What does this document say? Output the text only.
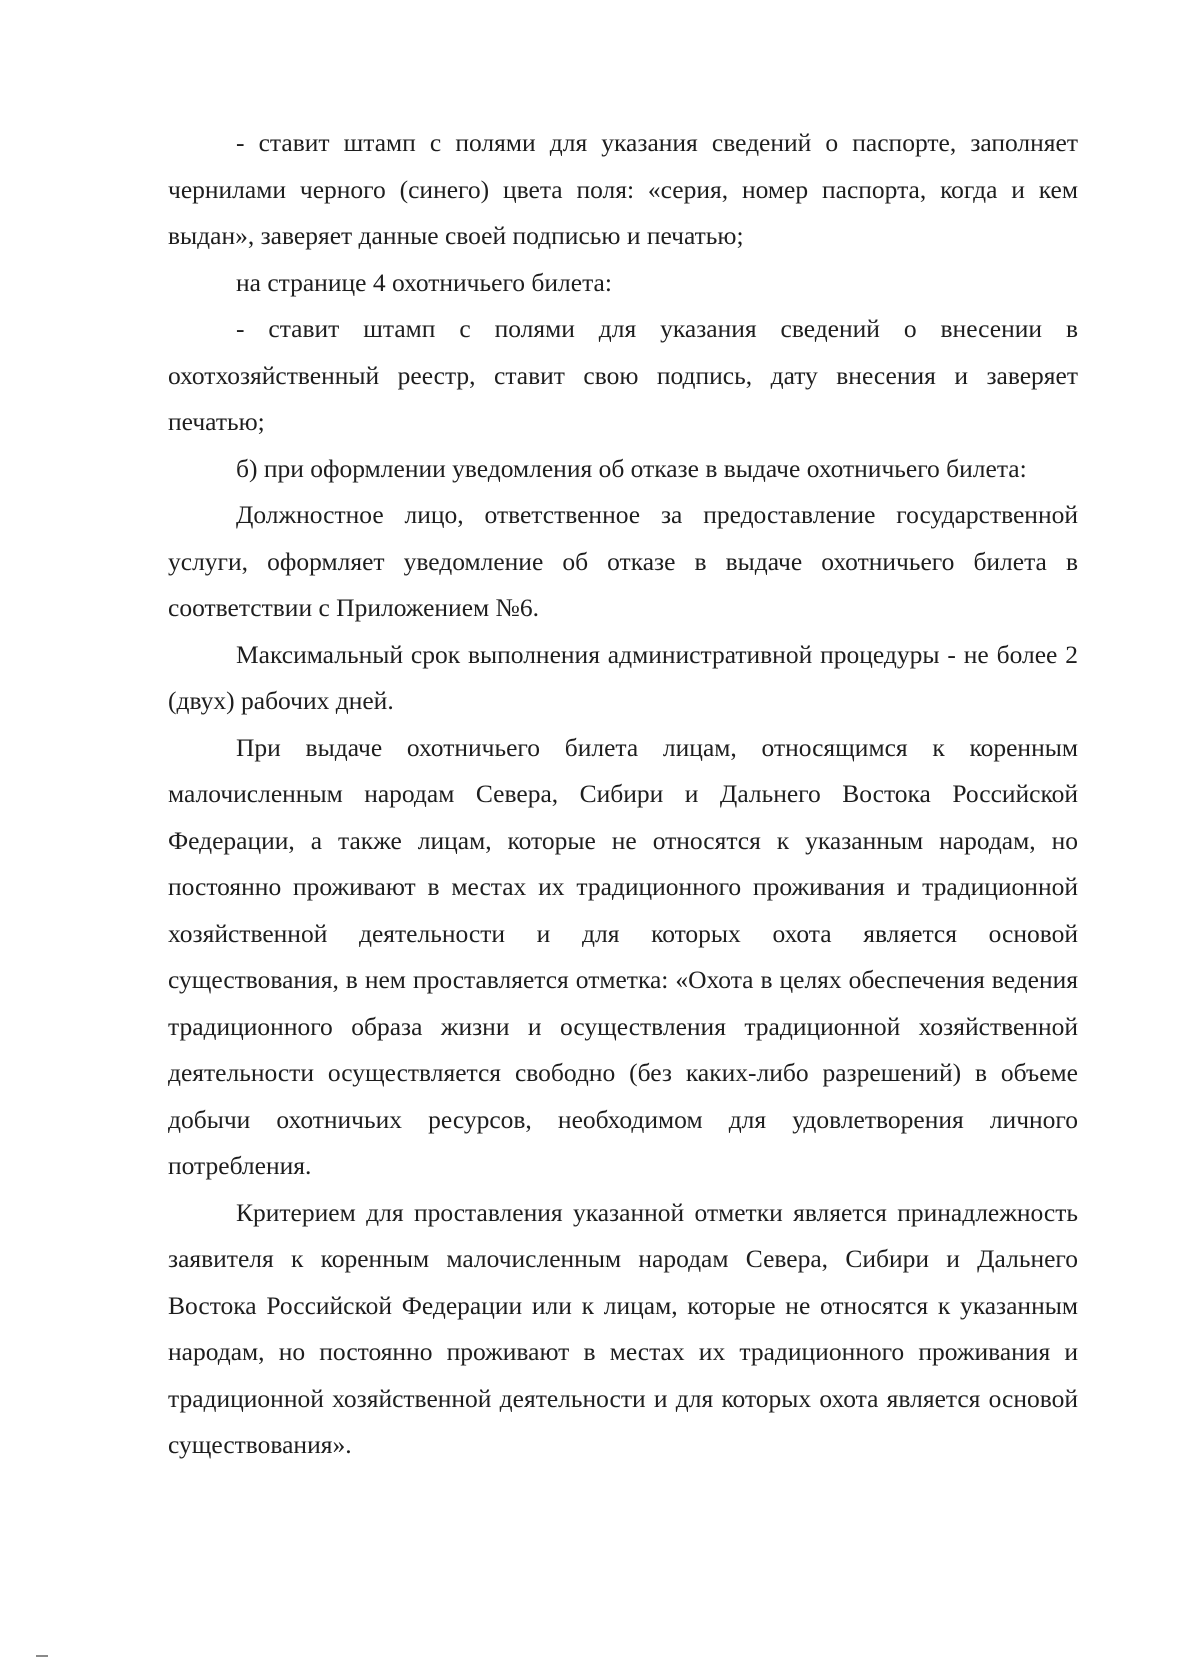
- ставит штамп с полями для указания сведений о паспорте, заполняет чернилами черного (синего) цвета поля: «серия, номер паспорта, когда и кем выдан», заверяет данные своей подписью и печатью;

на странице 4 охотничьего билета:

- ставит штамп с полями для указания сведений о внесении в охотхозяйственный реестр, ставит свою подпись, дату внесения и заверяет печатью;

б) при оформлении уведомления об отказе в выдаче охотничьего билета:

Должностное лицо, ответственное за предоставление государственной услуги, оформляет уведомление об отказе в выдаче охотничьего билета в соответствии с Приложением №6.

Максимальный срок выполнения административной процедуры - не более 2 (двух) рабочих дней.

При выдаче охотничьего билета лицам, относящимся к коренным малочисленным народам Севера, Сибири и Дальнего Востока Российской Федерации, а также лицам, которые не относятся к указанным народам, но постоянно проживают в местах их традиционного проживания и традиционной хозяйственной деятельности и для которых охота является основой существования, в нем проставляется отметка: «Охота в целях обеспечения ведения традиционного образа жизни и осуществления традиционной хозяйственной деятельности осуществляется свободно (без каких-либо разрешений) в объеме добычи охотничьих ресурсов, необходимом для удовлетворения личного потребления.

Критерием для проставления указанной отметки является принадлежность заявителя к коренным малочисленным народам Севера, Сибири и Дальнего Востока Российской Федерации или к лицам, которые не относятся к указанным народам, но постоянно проживают в местах их традиционного проживания и традиционной хозяйственной деятельности и для которых охота является основой существования».
